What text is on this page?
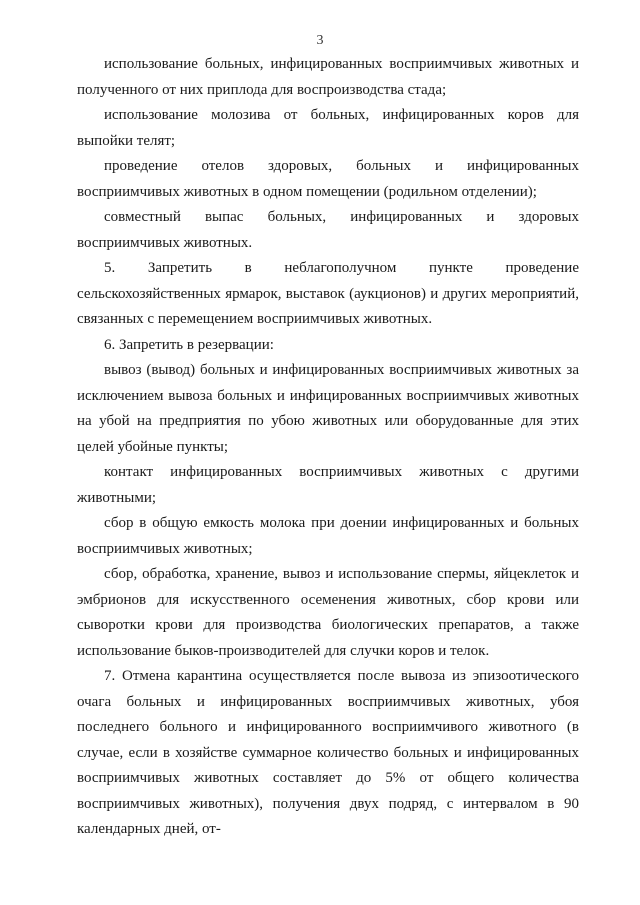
3

использование больных, инфицированных восприимчивых животных и полученного от них приплода для воспроизводства стада;

использование молозива от больных, инфицированных коров для выпойки телят;

проведение отелов здоровых, больных и инфицированных восприимчивых животных в одном помещении (родильном отделении);

совместный выпас больных, инфицированных и здоровых восприимчивых животных.

5. Запретить в неблагополучном пункте проведение сельскохозяйственных ярмарок, выставок (аукционов) и других мероприятий, связанных с перемещением восприимчивых животных.

6. Запретить в резервации:

вывоз (вывод) больных и инфицированных восприимчивых животных за исключением вывоза больных и инфицированных восприимчивых животных на убой на предприятия по убою животных или оборудованные для этих целей убойные пункты;

контакт инфицированных восприимчивых животных с другими животными;

сбор в общую емкость молока при доении инфицированных и больных восприимчивых животных;

сбор, обработка, хранение, вывоз и использование спермы, яйцеклеток и эмбрионов для искусственного осеменения животных, сбор крови или сыворотки крови для производства биологических препаратов, а также использование быков-производителей для случки коров и телок.

7. Отмена карантина осуществляется после вывоза из эпизоотического очага больных и инфицированных восприимчивых животных, убоя последнего больного и инфицированного восприимчивого животного (в случае, если в хозяйстве суммарное количество больных и инфицированных восприимчивых животных составляет до 5% от общего количества восприимчивых животных), получения двух подряд, с интервалом в 90 календарных дней, от-
